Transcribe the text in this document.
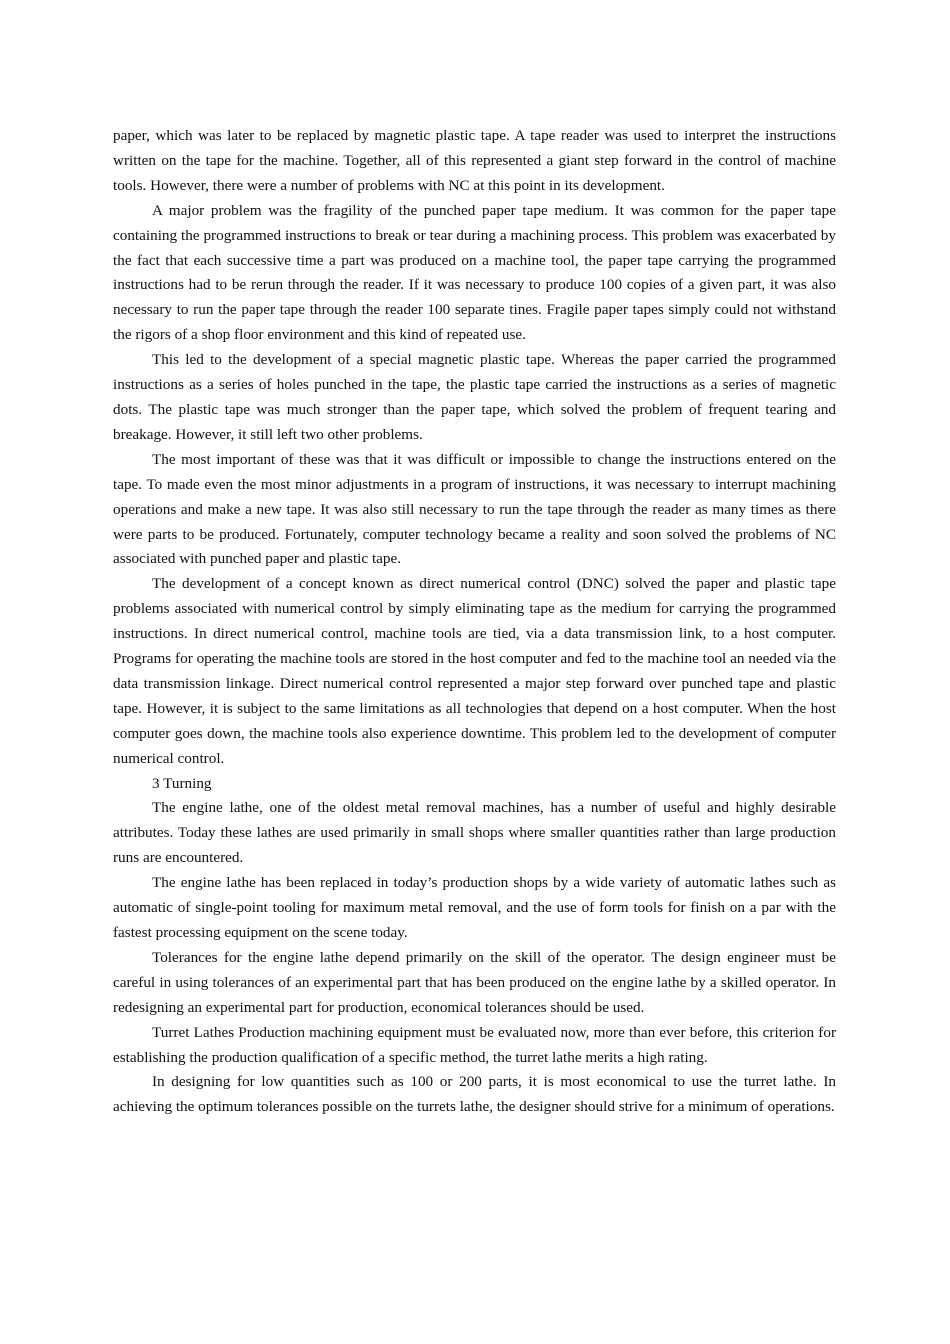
paper, which was later to be replaced by magnetic plastic tape. A tape reader was used to interpret the instructions written on the tape for the machine. Together, all of this represented a giant step forward in the control of machine tools. However, there were a number of problems with NC at this point in its development.

A major problem was the fragility of the punched paper tape medium. It was common for the paper tape containing the programmed instructions to break or tear during a machining process. This problem was exacerbated by the fact that each successive time a part was produced on a machine tool, the paper tape carrying the programmed instructions had to be rerun through the reader. If it was necessary to produce 100 copies of a given part, it was also necessary to run the paper tape through the reader 100 separate tines. Fragile paper tapes simply could not withstand the rigors of a shop floor environment and this kind of repeated use.

This led to the development of a special magnetic plastic tape. Whereas the paper carried the programmed instructions as a series of holes punched in the tape, the plastic tape carried the instructions as a series of magnetic dots. The plastic tape was much stronger than the paper tape, which solved the problem of frequent tearing and breakage. However, it still left two other problems.

The most important of these was that it was difficult or impossible to change the instructions entered on the tape. To made even the most minor adjustments in a program of instructions, it was necessary to interrupt machining operations and make a new tape. It was also still necessary to run the tape through the reader as many times as there were parts to be produced. Fortunately, computer technology became a reality and soon solved the problems of NC associated with punched paper and plastic tape.

The development of a concept known as direct numerical control (DNC) solved the paper and plastic tape problems associated with numerical control by simply eliminating tape as the medium for carrying the programmed instructions. In direct numerical control, machine tools are tied, via a data transmission link, to a host computer. Programs for operating the machine tools are stored in the host computer and fed to the machine tool an needed via the data transmission linkage. Direct numerical control represented a major step forward over punched tape and plastic tape. However, it is subject to the same limitations as all technologies that depend on a host computer. When the host computer goes down, the machine tools also experience downtime. This problem led to the development of computer numerical control.

3 Turning

The engine lathe, one of the oldest metal removal machines, has a number of useful and highly desirable attributes. Today these lathes are used primarily in small shops where smaller quantities rather than large production runs are encountered.

The engine lathe has been replaced in today’s production shops by a wide variety of automatic lathes such as automatic of single-point tooling for maximum metal removal, and the use of form tools for finish on a par with the fastest processing equipment on the scene today.

Tolerances for the engine lathe depend primarily on the skill of the operator. The design engineer must be careful in using tolerances of an experimental part that has been produced on the engine lathe by a skilled operator. In redesigning an experimental part for production, economical tolerances should be used.

Turret Lathes Production machining equipment must be evaluated now, more than ever before, this criterion for establishing the production qualification of a specific method, the turret lathe merits a high rating.

In designing for low quantities such as 100 or 200 parts, it is most economical to use the turret lathe. In achieving the optimum tolerances possible on the turrets lathe, the designer should strive for a minimum of operations.
